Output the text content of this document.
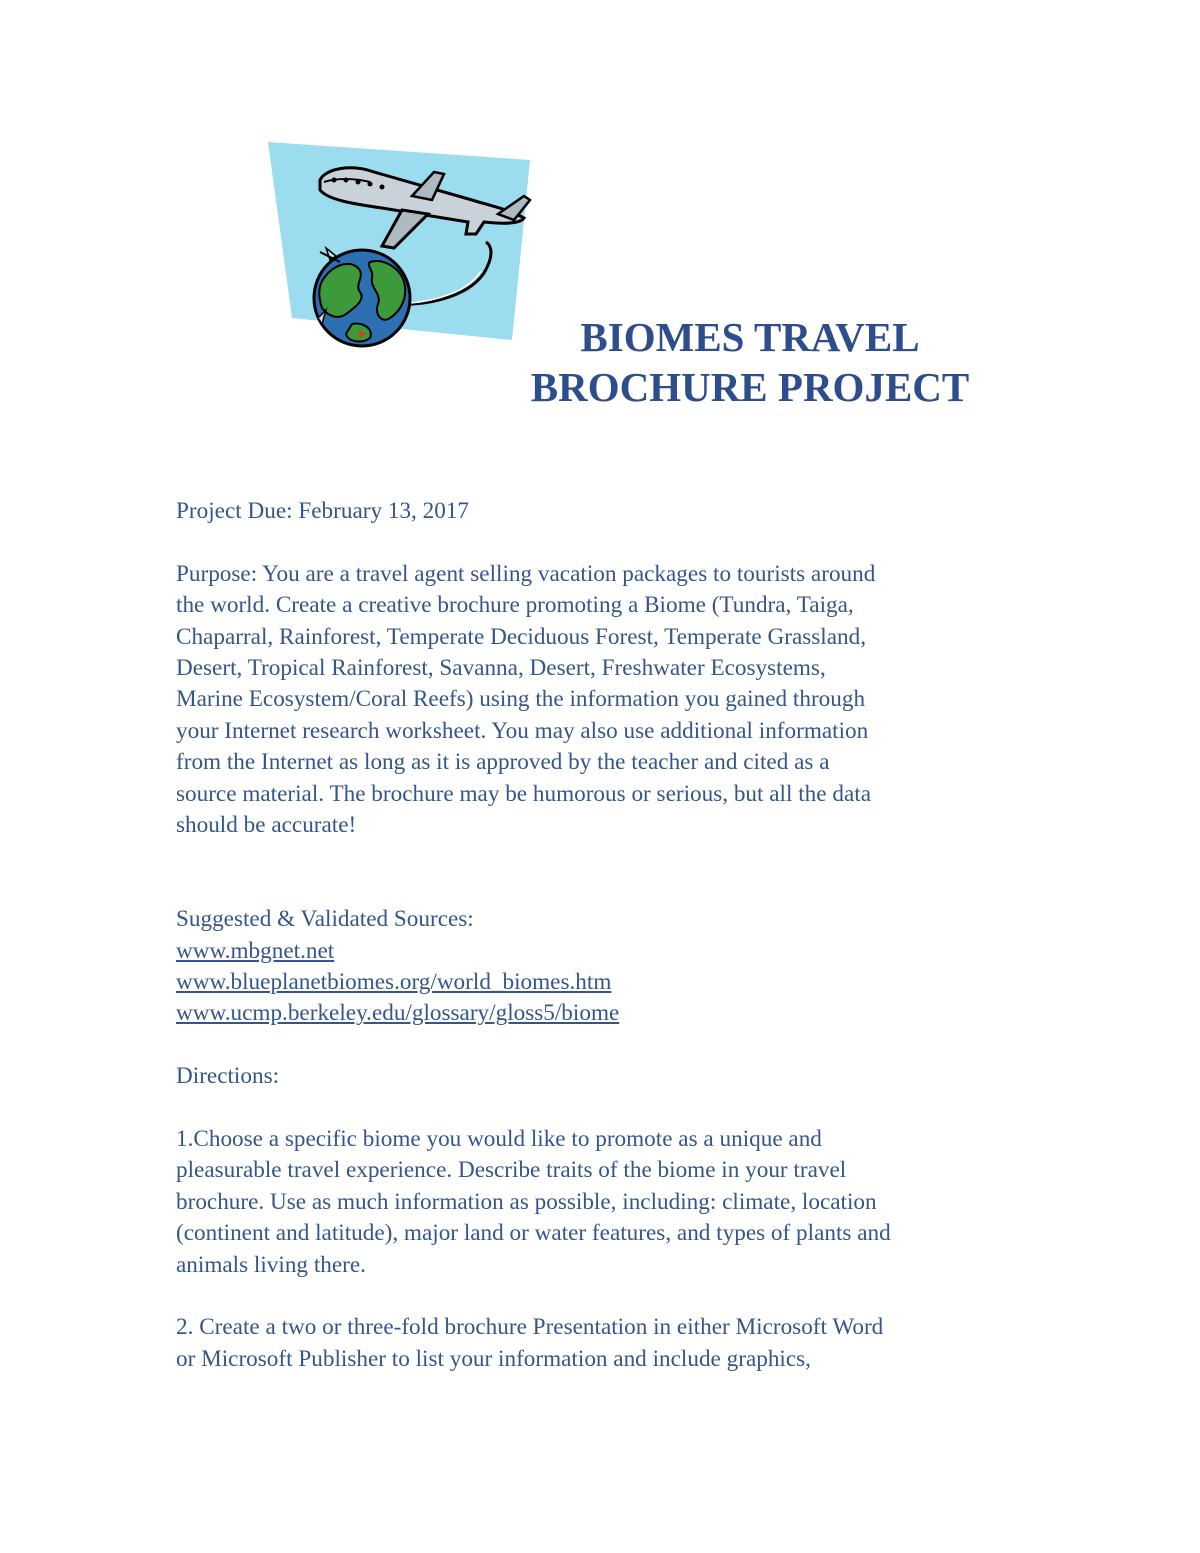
BIOMES TRAVEL
BROCHURE PROJECT

Project Due: February 13, 2017

Purpose: You are a travel agent selling vacation packages to tourists around

the world. Create a creative brochure promoting a Biome (Tundra, Taiga,

Chaparral, Rainforest, Temperate Deciduous Forest, Temperate Grassland,

Desert, Tropical Rainforest, Savanna, Desert, Freshwater Ecosystems,

Marine Ecosystem/Coral Reefs) using the information you gained through

your Internet research worksheet. You may also use additional information

from the Internet as long as it is approved by the teacher and cited as a

source material. The brochure may be humorous or serious, but all the data

should be accurate!

Suggested & Validated Sources:

www.mbgnet.net

www.blueplanetbiomes.org/world_biomes.htm

www.ucmp.berkeley.edu/glossary/gloss5/biome

Directions:

1.Choose a specific biome you would like to promote as a unique and

pleasurable travel experience. Describe traits of the biome in your travel

brochure. Use as much information as possible, including: climate, location

(continent and latitude), major land or water features, and types of plants and

animals living there.

2. Create a two or three-fold brochure Presentation in either Microsoft Word

or Microsoft Publisher to list your information and include graphics,
